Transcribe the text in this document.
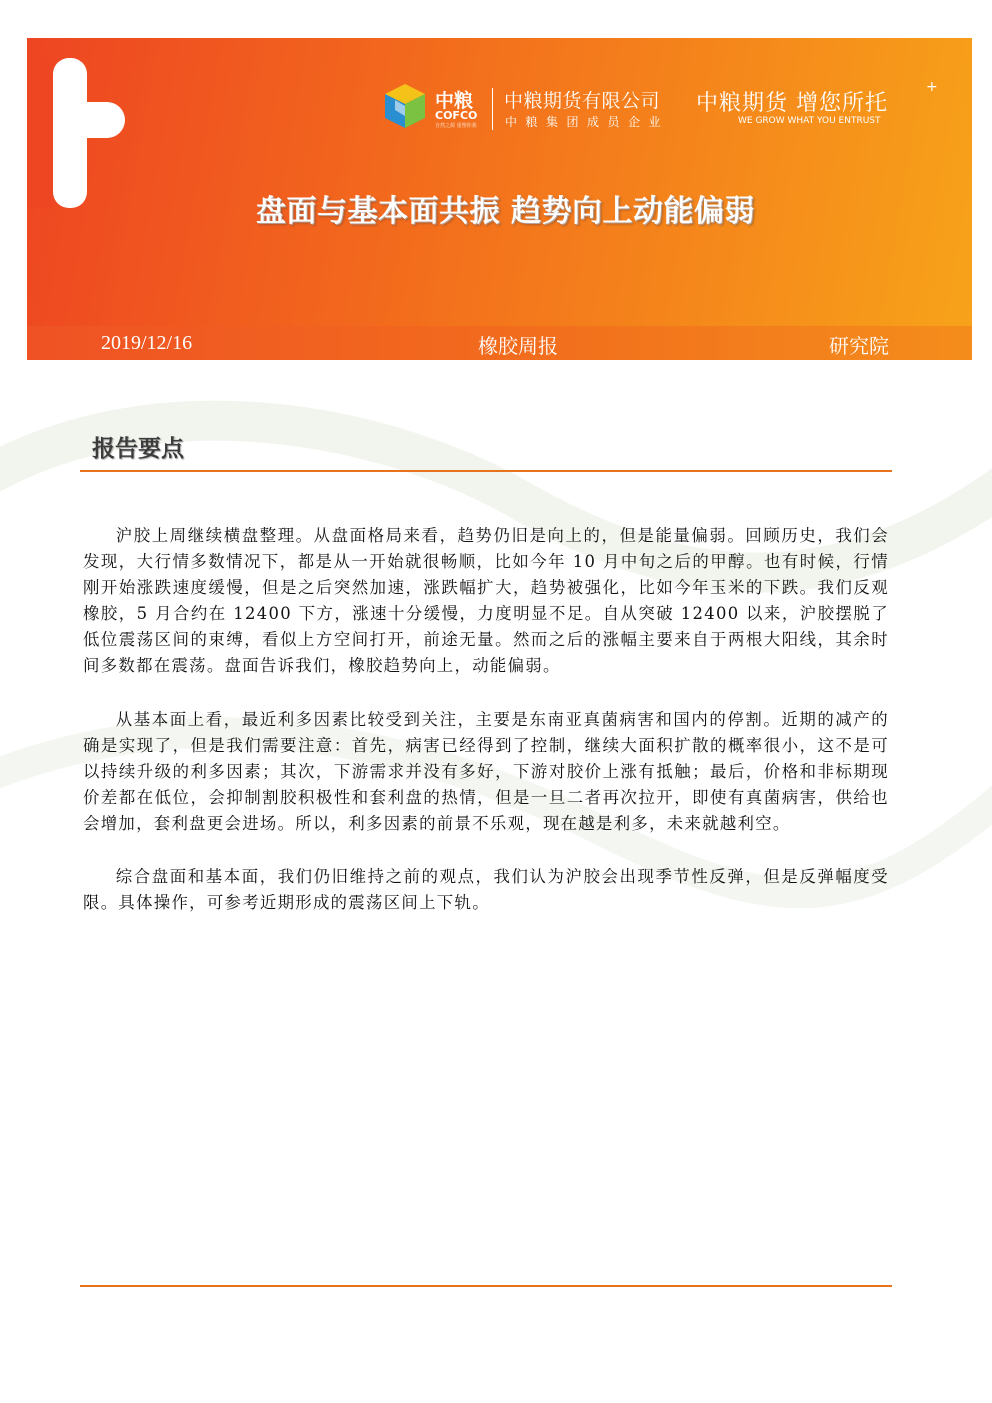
中粮
COFCO
自然之源 重塑你我
中粮期货有限公司
中粮集团成员企业
中粮期货 增您所托
+
WE GROW WHAT YOU ENTRUST
盘面与基本面共振 趋势向上动能偏弱
2019/12/16	橡胶周报	研究院
报告要点

沪胶上周继续横盘整理。从盘面格局来看，趋势仍旧是向上的，但是能量偏弱。回顾历史，我们会发现，大行情多数情况下，都是从一开始就很畅顺，比如今年 10 月中旬之后的甲醇。也有时候，行情刚开始涨跌速度缓慢，但是之后突然加速，涨跌幅扩大，趋势被强化，比如今年玉米的下跌。我们反观橡胶，5 月合约在 12400 下方，涨速十分缓慢，力度明显不足。自从突破 12400 以来，沪胶摆脱了低位震荡区间的束缚，看似上方空间打开，前途无量。然而之后的涨幅主要来自于两根大阳线，其余时间多数都在震荡。盘面告诉我们，橡胶趋势向上，动能偏弱。

从基本面上看，最近利多因素比较受到关注，主要是东南亚真菌病害和国内的停割。近期的减产的确是实现了，但是我们需要注意：首先，病害已经得到了控制，继续大面积扩散的概率很小，这不是可以持续升级的利多因素；其次，下游需求并没有多好，下游对胶价上涨有抵触；最后，价格和非标期现价差都在低位，会抑制割胶积极性和套利盘的热情，但是一旦二者再次拉开，即使有真菌病害，供给也会增加，套利盘更会进场。所以，利多因素的前景不乐观，现在越是利多，未来就越利空。

综合盘面和基本面，我们仍旧维持之前的观点，我们认为沪胶会出现季节性反弹，但是反弹幅度受限。具体操作，可参考近期形成的震荡区间上下轨。
